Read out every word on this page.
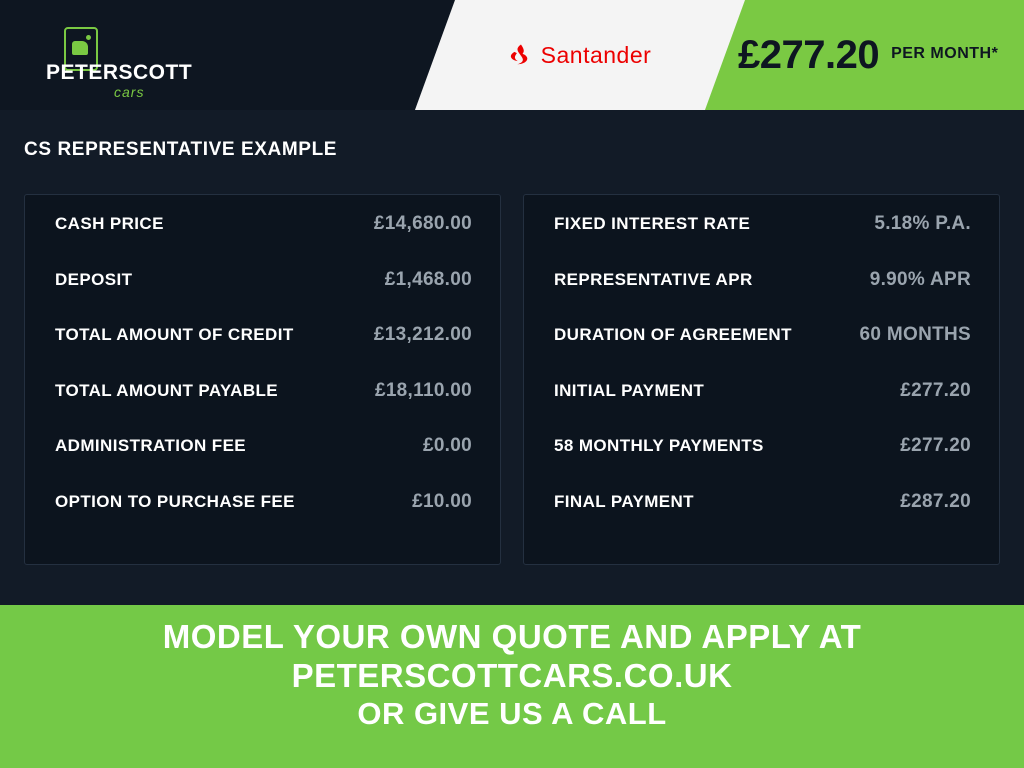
PETERSCOTT
cars
£277.20 PER MONTH*
Santander
CS REPRESENTATIVE EXAMPLE
CASH PRICE	£14,680.00
DEPOSIT	£1,468.00
TOTAL AMOUNT OF CREDIT	£13,212.00
TOTAL AMOUNT PAYABLE	£18,110.00
ADMINISTRATION FEE	£0.00
OPTION TO PURCHASE FEE	£10.00
FIXED INTEREST RATE	5.18% P.A.
REPRESENTATIVE APR	9.90% APR
DURATION OF AGREEMENT	60 MONTHS
INITIAL PAYMENT	£277.20
58 MONTHLY PAYMENTS	£277.20
FINAL PAYMENT	£287.20
MODEL YOUR OWN QUOTE AND APPLY AT
PETERSCOTTCARS.CO.UK
OR GIVE US A CALL
